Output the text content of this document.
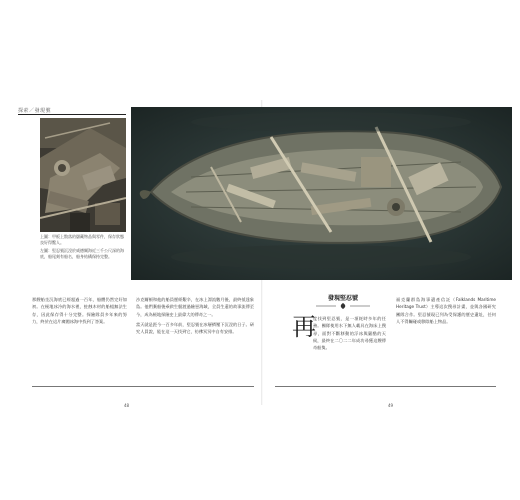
探索／發現號

上圖：甲板上散落的儲藏物品與零件，保存狀態良好得驚人。

左圖：堅忍號沉沒於威德爾海近三千公尺深的海底，船尾刻有船名，船身結構保持完整。

那艘船坐沉海底已經超過一百年，船體仍然完好如初。在極地冰冷的海水裡，蛀蝕木材的船蛆無法生存，因此保存得十分完整。探險隊員多年來的努力，終於在這片廣闊冰海中找到了答案。
沙克爾頓和他的船員歷經艱辛，在冰上漂流數月後，最終抵達象島。他們棄船後乘救生艇渡過險惡海域，全員生還的故事流傳至今，成為極地探險史上最偉大的傳奇之一。
當天就是距今一百多年前，堅忍號在冰層擠壓下沉沒的日子。研究人員說，能在這一天找到它，彷彿冥冥中自有安排。
發現堅忍號
再
度找到堅忍號，是一項耗時多年的任務。團隊使用水下無人載具在海床上搜尋，面對不斷移動的浮冰與嚴酷的天候，最終在二〇二二年成功尋獲這艘傳奇船隻。
福克蘭群島海事遺產信託（Falklands Maritime Heritage Trust）主導這次搜尋計畫，並與各國研究團隊合作。堅忍號現已列為受保護的歷史遺址，任何人不得觸碰或移除船上物品。
48	49
